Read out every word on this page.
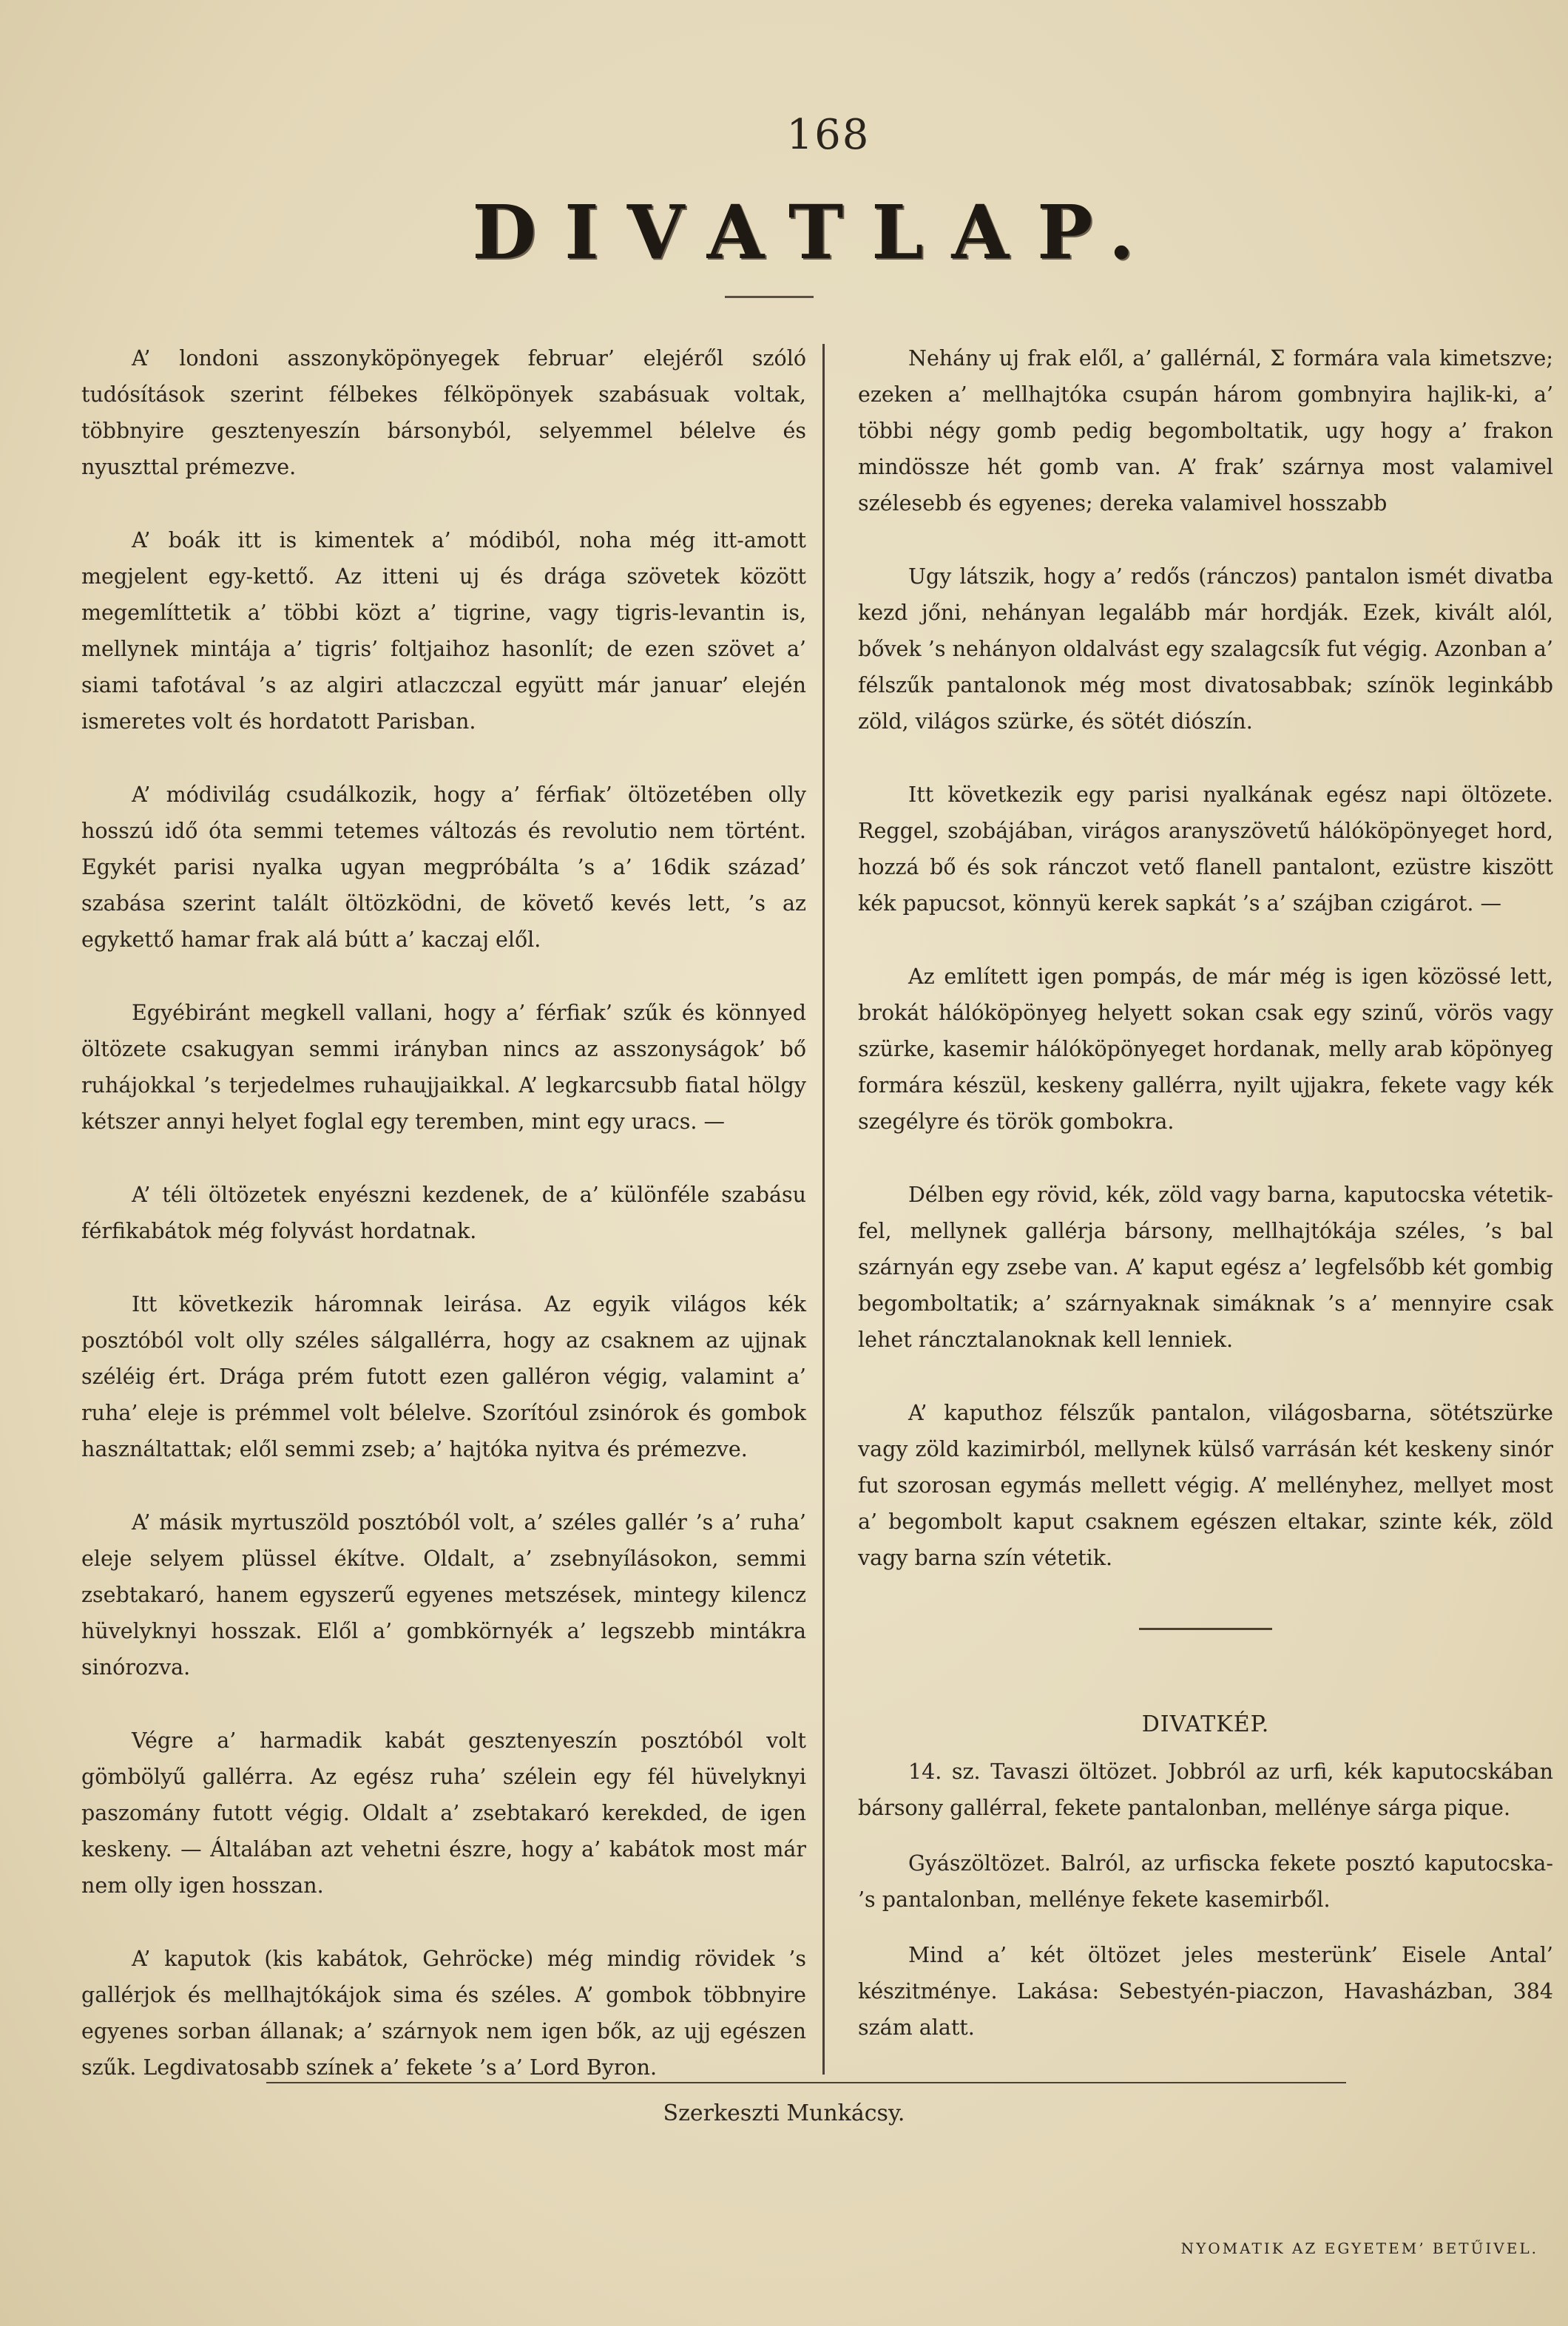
168
DIVATLAP.

A’ londoni asszonyköpönyegek februar’ elejéről szóló tudósítások szerint félbekes félköpönyek szabásuak voltak, többnyire gesztenyeszín bársonyból, selyemmel bélelve és nyuszttal prémezve.

A’ boák itt is kimentek a’ módiból, noha még itt-amott megjelent egy-kettő. Az itteni uj és drága szövetek között megemlíttetik a’ többi közt a’ tigrine, vagy tigris-levantin is, mellynek mintája a’ tigris’ foltjaihoz hasonlít; de ezen szövet a’ siami tafotával ’s az algiri atlaczczal együtt már januar’ elején ismeretes volt és hordatott Parisban.

A’ módivilág csudálkozik, hogy a’ férfiak’ öltözetében olly hosszú idő óta semmi tetemes változás és revolutio nem történt. Egykét parisi nyalka ugyan megpróbálta ’s a’ 16dik század’ szabása szerint talált öltözködni, de követő kevés lett, ’s az egykettő hamar frak alá bútt a’ kaczaj elől.

Egyébiránt megkell vallani, hogy a’ férfiak’ szűk és könnyed öltözete csakugyan semmi irányban nincs az asszonyságok’ bő ruhájokkal ’s terjedelmes ruhaujjaikkal. A’ legkarcsubb fiatal hölgy kétszer annyi helyet foglal egy teremben, mint egy uracs. —

A’ téli öltözetek enyészni kezdenek, de a’ különféle szabásu férfikabátok még folyvást hordatnak.

Itt következik háromnak leirása. Az egyik világos kék posztóból volt olly széles sálgallérra, hogy az csaknem az ujjnak széléig ért. Drága prém futott ezen galléron végig, valamint a’ ruha’ eleje is prémmel volt bélelve. Szorítóul zsinórok és gombok használtattak; elől semmi zseb; a’ hajtóka nyitva és prémezve.

A’ másik myrtuszöld posztóból volt, a’ széles gallér ’s a’ ruha’ eleje selyem plüssel ékítve. Oldalt, a’ zsebnyílásokon, semmi zsebtakaró, hanem egyszerű egyenes metszések, mintegy kilencz hüvelyknyi hosszak. Elől a’ gombkörnyék a’ legszebb mintákra sinórozva.

Végre a’ harmadik kabát gesztenyeszín posztóból volt gömbölyű gallérra. Az egész ruha’ szélein egy fél hüvelyknyi paszomány futott végig. Oldalt a’ zsebtakaró kerekded, de igen keskeny. — Általában azt vehetni észre, hogy a’ kabátok most már nem olly igen hosszan.

A’ kaputok (kis kabátok, Gehröcke) még mindig rövidek ’s gallérjok és mellhajtókájok sima és széles. A’ gombok többnyire egyenes sorban állanak; a’ szárnyok nem igen bők, az ujj egészen szűk. Legdivatosabb színek a’ fekete ’s a’ Lord Byron.

Nehány uj frak elől, a’ gallérnál, Σ formára vala kimetszve; ezeken a’ mellhajtóka csupán három gombnyira hajlik-ki, a’ többi négy gomb pedig begomboltatik, ugy hogy a’ frakon mindössze hét gomb van. A’ frak’ szárnya most valamivel szélesebb és egyenes; dereka valamivel hosszabb

Ugy látszik, hogy a’ redős (ránczos) pantalon ismét divatba kezd jőni, nehányan legalább már hordják. Ezek, kivált alól, bővek ’s nehányon oldalvást egy szalagcsík fut végig. Azonban a’ félszűk pantalonok még most divatosabbak; színök leginkább zöld, világos szürke, és sötét diószín.

Itt következik egy parisi nyalkának egész napi öltözete. Reggel, szobájában, virágos aranyszövetű hálóköpönyeget hord, hozzá bő és sok ránczot vető flanell pantalont, ezüstre kiszött kék papucsot, könnyü kerek sapkát ’s a’ szájban czigárot. —

Az említett igen pompás, de már még is igen közössé lett, brokát hálóköpönyeg helyett sokan csak egy szinű, vörös vagy szürke, kasemir hálóköpönyeget hordanak, melly arab köpönyeg formára készül, keskeny gallérra, nyilt ujjakra, fekete vagy kék szegélyre és török gombokra.

Délben egy rövid, kék, zöld vagy barna, kaputocska vétetik-fel, mellynek gallérja bársony, mellhajtókája széles, ’s bal szárnyán egy zsebe van. A’ kaput egész a’ legfelsőbb két gombig begomboltatik; a’ szárnyaknak simáknak ’s a’ mennyire csak lehet ráncztalanoknak kell lenniek.

A’ kaputhoz félszűk pantalon, világosbarna, sötétszürke vagy zöld kazimirból, mellynek külső varrásán két keskeny sinór fut szorosan egymás mellett végig. A’ mellényhez, mellyet most a’ begombolt kaput csaknem egészen eltakar, szinte kék, zöld vagy barna szín vétetik.

DIVATKÉP.

14. sz. Tavaszi öltözet. Jobbról az urfi, kék kaputocskában bársony gallérral, fekete pantalonban, mellénye sárga pique.

Gyászöltözet. Balról, az urfiscka fekete posztó kaputocska- ’s pantalonban, mellénye fekete kasemirből.

Mind a’ két öltözet jeles mesterünk’ Eisele Antal’ készitménye. Lakása: Sebestyén-piaczon, Havasházban, 384 szám alatt.

Szerkeszti Munkácsy.
NYOMATIK AZ EGYETEM’ BETŰIVEL.
